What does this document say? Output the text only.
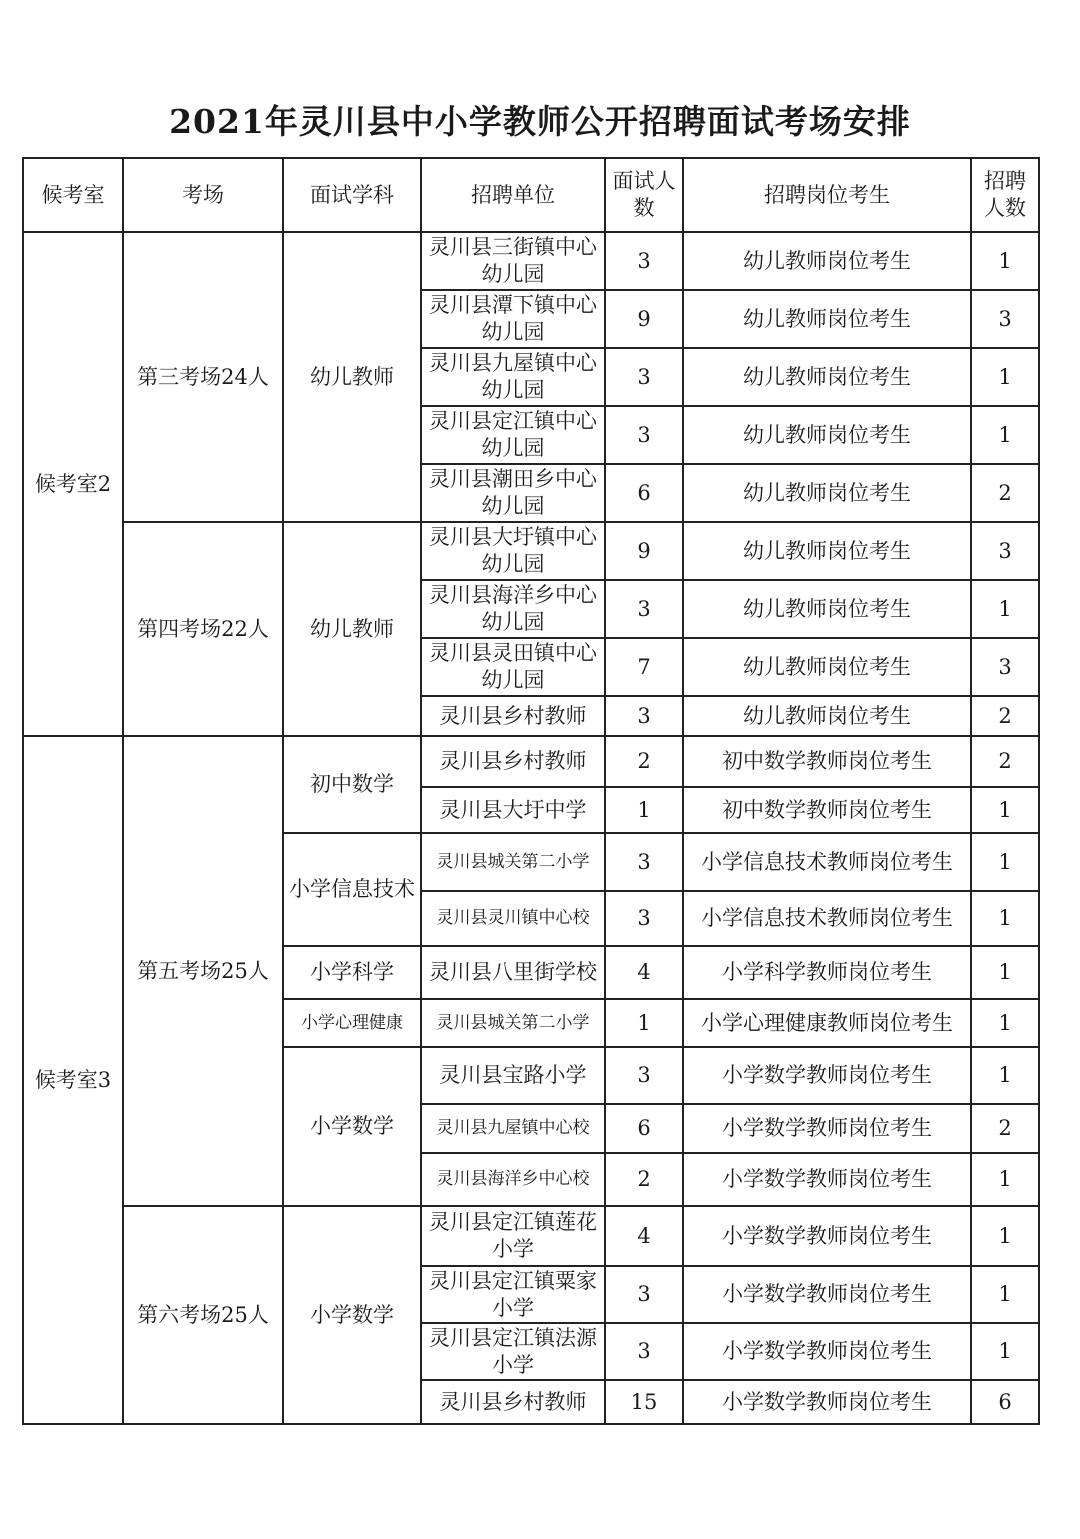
2021年灵川县中小学教师公开招聘面试考场安排
候考室	考场	面试学科	招聘单位	面试人数	招聘岗位考生	招聘人数
候考室2	第三考场24人	幼儿教师	灵川县三街镇中心幼儿园	3	幼儿教师岗位考生	1
			灵川县潭下镇中心幼儿园	9	幼儿教师岗位考生	3
			灵川县九屋镇中心幼儿园	3	幼儿教师岗位考生	1
			灵川县定江镇中心幼儿园	3	幼儿教师岗位考生	1
			灵川县潮田乡中心幼儿园	6	幼儿教师岗位考生	2
	第四考场22人	幼儿教师	灵川县大圩镇中心幼儿园	9	幼儿教师岗位考生	3
			灵川县海洋乡中心幼儿园	3	幼儿教师岗位考生	1
			灵川县灵田镇中心幼儿园	7	幼儿教师岗位考生	3
			灵川县乡村教师	3	幼儿教师岗位考生	2
候考室3	第五考场25人	初中数学	灵川县乡村教师	2	初中数学教师岗位考生	2
			灵川县大圩中学	1	初中数学教师岗位考生	1
		小学信息技术	灵川县城关第二小学	3	小学信息技术教师岗位考生	1
			灵川县灵川镇中心校	3	小学信息技术教师岗位考生	1
		小学科学	灵川县八里街学校	4	小学科学教师岗位考生	1
		小学心理健康	灵川县城关第二小学	1	小学心理健康教师岗位考生	1
		小学数学	灵川县宝路小学	3	小学数学教师岗位考生	1
			灵川县九屋镇中心校	6	小学数学教师岗位考生	2
			灵川县海洋乡中心校	2	小学数学教师岗位考生	1
	第六考场25人	小学数学	灵川县定江镇莲花小学	4	小学数学教师岗位考生	1
			灵川县定江镇粟家小学	3	小学数学教师岗位考生	1
			灵川县定江镇法源小学	3	小学数学教师岗位考生	1
			灵川县乡村教师	15	小学数学教师岗位考生	6
